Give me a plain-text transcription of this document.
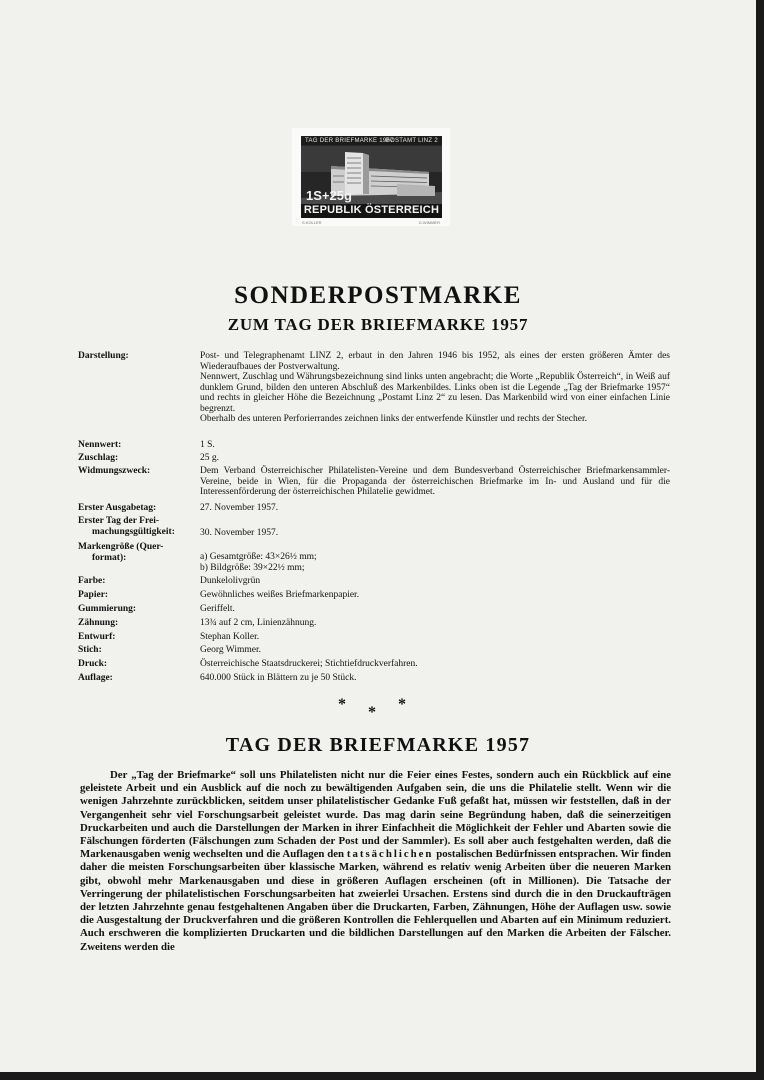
TAG DER BRIEFMARKE 1957
POSTAMT LINZ 2
1S+25g
REPUBLIK ÖSTERREICH
S.KOLLER	G.WIMMER
SONDERPOSTMARKE
ZUM TAG DER BRIEFMARKE 1957
Darstellung:	Post- und Telegraphenamt LINZ 2, erbaut in den Jahren 1946 bis 1952, als eines der ersten größeren Ämter des Wiederaufbaues der Postverwaltung.

Nennwert, Zuschlag und Währungsbezeichnung sind links unten angebracht; die Worte „Republik Österreich“, in Weiß auf dunklem Grund, bilden den unteren Abschluß des Markenbildes. Links oben ist die Legende „Tag der Briefmarke 1957“ und rechts in gleicher Höhe die Bezeichnung „Postamt Linz 2“ zu lesen. Das Markenbild wird von einer einfachen Linie begrenzt.

Oberhalb des unteren Perforierrandes zeichnen links der entwerfende Künstler und rechts der Stecher.

Nennwert:	1 S.
Zuschlag:	25 g.
Widmungszweck:	Dem Verband Österreichischer Philatelisten-Vereine und dem Bundesverband Österreichischer Briefmarkensammler-Vereine, beide in Wien, für die Propaganda der österreichischen Briefmarke im In- und Ausland und für die Interessenförderung der österreichischen Philatelie gewidmet.
Erster Ausgabetag:	27. November 1957.
Erster Tag der Frei-
machungsgültigkeit:	30. November 1957.
Markengröße (Quer-
format):	a) Gesamtgröße: 43×26½ mm;

b) Bildgröße: 39×22½ mm;

Farbe:	Dunkelolivgrün
Papier:	Gewöhnliches weißes Briefmarkenpapier.
Gummierung:	Geriffelt.
Zähnung:	13¾ auf 2 cm, Linienzähnung.
Entwurf:	Stephan Koller.
Stich:	Georg Wimmer.
Druck:	Österreichische Staatsdruckerei; Stichtiefdruckverfahren.
Auflage:	640.000 Stück in Blättern zu je 50 Stück.
* * *
TAG DER BRIEFMARKE 1957
Der „Tag der Briefmarke“ soll uns Philatelisten nicht nur die Feier eines Festes, sondern auch ein Rückblick auf eine geleistete Arbeit und ein Ausblick auf die noch zu bewältigenden Aufgaben sein, die uns die Philatelie stellt. Wenn wir die wenigen Jahrzehnte zurückblicken, seitdem unser philatelistischer Gedanke Fuß gefaßt hat, müssen wir feststellen, daß in der Vergangenheit sehr viel Forschungsarbeit geleistet wurde. Das mag darin seine Begründung haben, daß die seinerzeitigen Druckarbeiten und auch die Darstellungen der Marken in ihrer Einfachheit die Möglichkeit der Fehler und Abarten sowie die Fälschungen förderten (Fälschungen zum Schaden der Post und der Sammler). Es soll aber auch festgehalten werden, daß die Markenausgaben wenig wechselten und die Auflagen den tatsächlichen postalischen Bedürfnissen entsprachen. Wir finden daher die meisten Forschungsarbeiten über klassische Marken, während es relativ wenig Arbeiten über die neueren Marken gibt, obwohl mehr Markenausgaben und diese in größeren Auflagen erscheinen (oft in Millionen). Die Tatsache der Verringerung der philatelistischen Forschungsarbeiten hat zweierlei Ursachen. Erstens sind durch die in den Druckaufträgen der letzten Jahrzehnte genau festgehaltenen Angaben über die Druckarten, Farben, Zähnungen, Höhe der Auflagen usw. sowie die Ausgestaltung der Druckverfahren und die größeren Kontrollen die Fehlerquellen und Abarten auf ein Minimum reduziert. Auch erschweren die komplizierten Druckarten und die bildlichen Darstellungen auf den Marken die Arbeiten der Fälscher. Zweitens werden die
